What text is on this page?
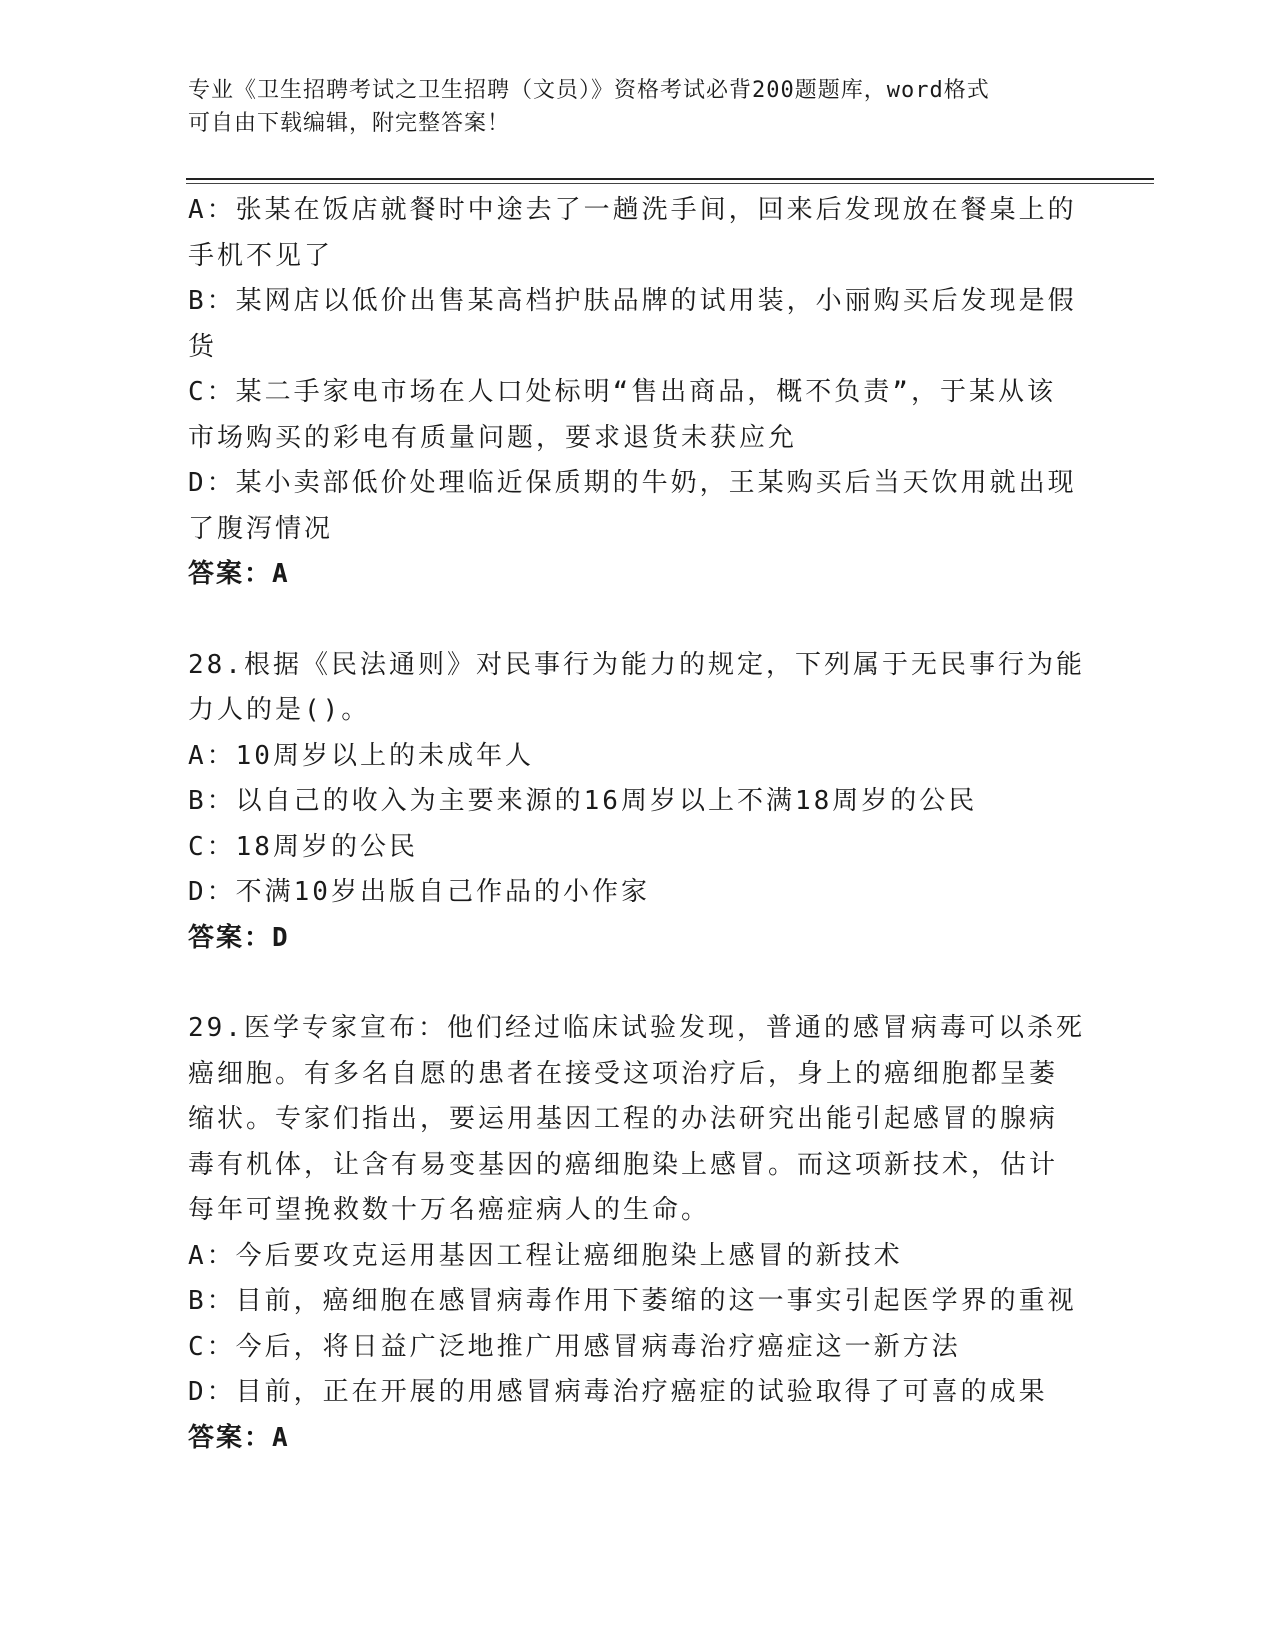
专业《卫生招聘考试之卫生招聘（文员）》资格考试必背200题题库，word格式
可自由下载编辑，附完整答案！
A：张某在饭店就餐时中途去了一趟洗手间，回来后发现放在餐桌上的
手机不见了
B：某网店以低价出售某高档护肤品牌的试用装，小丽购买后发现是假
货
C：某二手家电市场在人口处标明“售出商品，概不负责”，于某从该
市场购买的彩电有质量问题，要求退货未获应允
D：某小卖部低价处理临近保质期的牛奶，王某购买后当天饮用就出现
了腹泻情况
答案：A
28.根据《民法通则》对民事行为能力的规定，下列属于无民事行为能
力人的是()。
A：10周岁以上的未成年人
B：以自己的收入为主要来源的16周岁以上不满18周岁的公民
C：18周岁的公民
D：不满10岁出版自己作品的小作家
答案：D
29.医学专家宣布：他们经过临床试验发现，普通的感冒病毒可以杀死
癌细胞。有多名自愿的患者在接受这项治疗后，身上的癌细胞都呈萎
缩状。专家们指出，要运用基因工程的办法研究出能引起感冒的腺病
毒有机体，让含有易变基因的癌细胞染上感冒。而这项新技术，估计
每年可望挽救数十万名癌症病人的生命。
A：今后要攻克运用基因工程让癌细胞染上感冒的新技术
B：目前，癌细胞在感冒病毒作用下萎缩的这一事实引起医学界的重视
C：今后，将日益广泛地推广用感冒病毒治疗癌症这一新方法
D：目前，正在开展的用感冒病毒治疗癌症的试验取得了可喜的成果
答案：A
